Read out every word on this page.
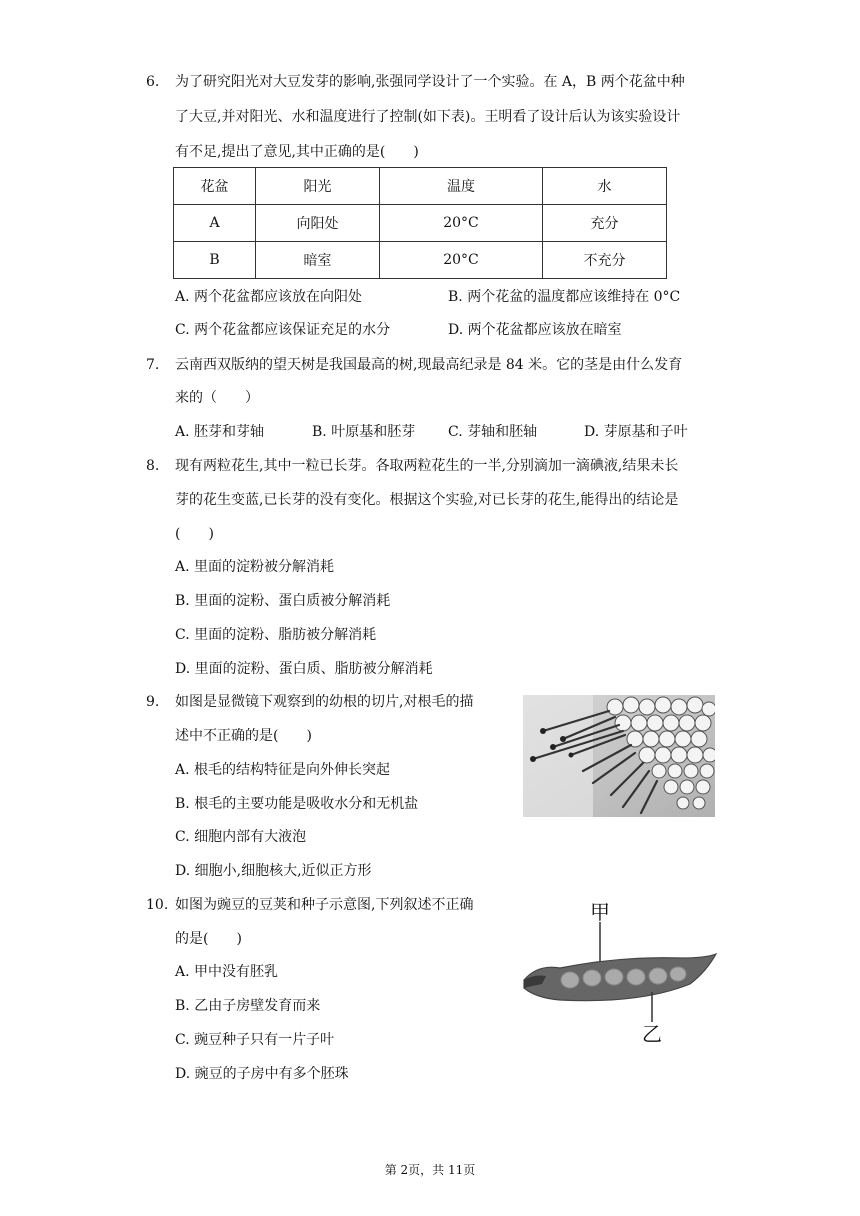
6. 为了研究阳光对大豆发芽的影响,张强同学设计了一个实验。在 A，B 两个花盆中种
了大豆,并对阳光、水和温度进行了控制(如下表)。王明看了设计后认为该实验设计
有不足,提出了意见,其中正确的是(　　)
花盆	阳光	温度	水
A	向阳处	20°C	充分
B	暗室	20°C	不充分
A. 两个花盆都应该放在向阳处	B. 两个花盆的温度都应该维持在 0°C
C. 两个花盆都应该保证充足的水分	D. 两个花盆都应该放在暗室
7. 云南西双版纳的望天树是我国最高的树,现最高纪录是 84 米。它的茎是由什么发育
来的（　　）
A. 胚芽和芽轴	B. 叶原基和胚芽 C. 芽轴和胚轴	D. 芽原基和子叶
8. 现有两粒花生,其中一粒已长芽。各取两粒花生的一半,分别滴加一滴碘液,结果未长
芽的花生变蓝,已长芽的没有变化。根据这个实验,对已长芽的花生,能得出的结论是
(　　)
A. 里面的淀粉被分解消耗
B. 里面的淀粉、蛋白质被分解消耗
C. 里面的淀粉、脂肪被分解消耗
D. 里面的淀粉、蛋白质、脂肪被分解消耗
9. 如图是显微镜下观察到的幼根的切片,对根毛的描
述中不正确的是(　　)
A. 根毛的结构特征是向外伸长突起
B. 根毛的主要功能是吸收水分和无机盐
C. 细胞内部有大液泡
D. 细胞小,细胞核大,近似正方形
10. 如图为豌豆的豆荚和种子示意图,下列叙述不正确
的是(　　)
A. 甲中没有胚乳
B. 乙由子房壁发育而来
C. 豌豆种子只有一片子叶
D. 豌豆的子房中有多个胚珠
甲
乙
第 2页，共 11页
